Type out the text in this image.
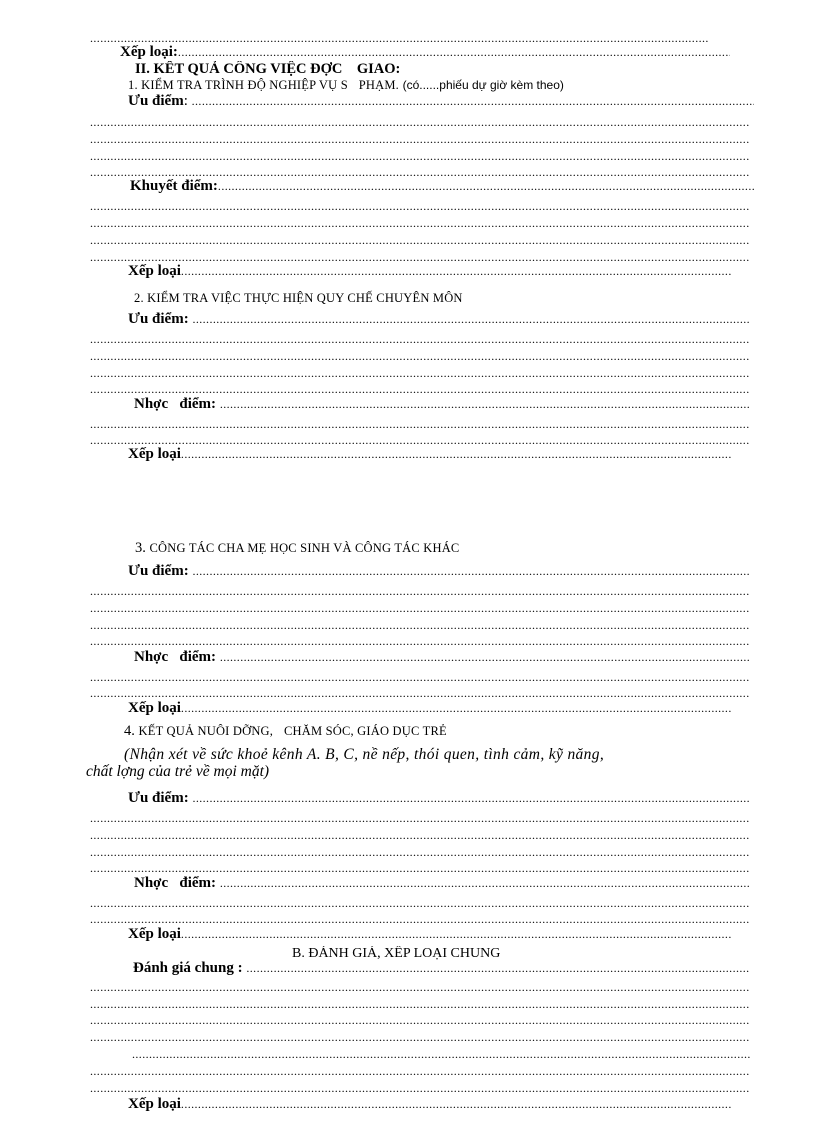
.....
Xếp loại:
.....
II. KẾT QUẢ CÔNG VIỆC ĐỢC GIAO:
1. KIỂM TRA TRÌNH ĐỘ NGHIỆP VỤ S PHẠM. (có......phiếu dự giờ kèm theo)
Ưu điểm :

.....
.....
.....
.....
.....
Khuyết điểm:
.....
.....
.....
.....
.....
Xếp loại
.....
2. KIỂM TRA VIỆC THỰC HIỆN QUY CHẾ CHUYÊN MÔN
Ưu điểm:

.....
.....
.....
.....
.....
Nhợc
điểm:

.....
.....
.....
Xếp loại
.....
3. CÔNG TÁC CHA MẸ HỌC SINH VÀ CÔNG TÁC KHÁC
Ưu điểm:

.....
.....
.....
.....
.....
Nhợc
điểm:

.....
.....
.....
Xếp loại
.....
4. KẾT QUẢ NUÔI DỠNG, CHĂM SÓC, GIÁO DỤC TRẺ
(Nhận xét về sức khoẻ kênh A. B, C, nề nếp, thói quen, tình cảm, kỹ năng,
chất lợng của trẻ về mọi mặt)
Ưu điểm:

.....
.....
.....
.....
.....
Nhợc
điểm:

.....
.....
.....
Xếp loại
.....
B. ĐÁNH GIÁ, XẾP LOẠI CHUNG
Đánh giá chung :

.....
.....
.....
.....
.....
.....
.....
.....
Xếp loại
.....
